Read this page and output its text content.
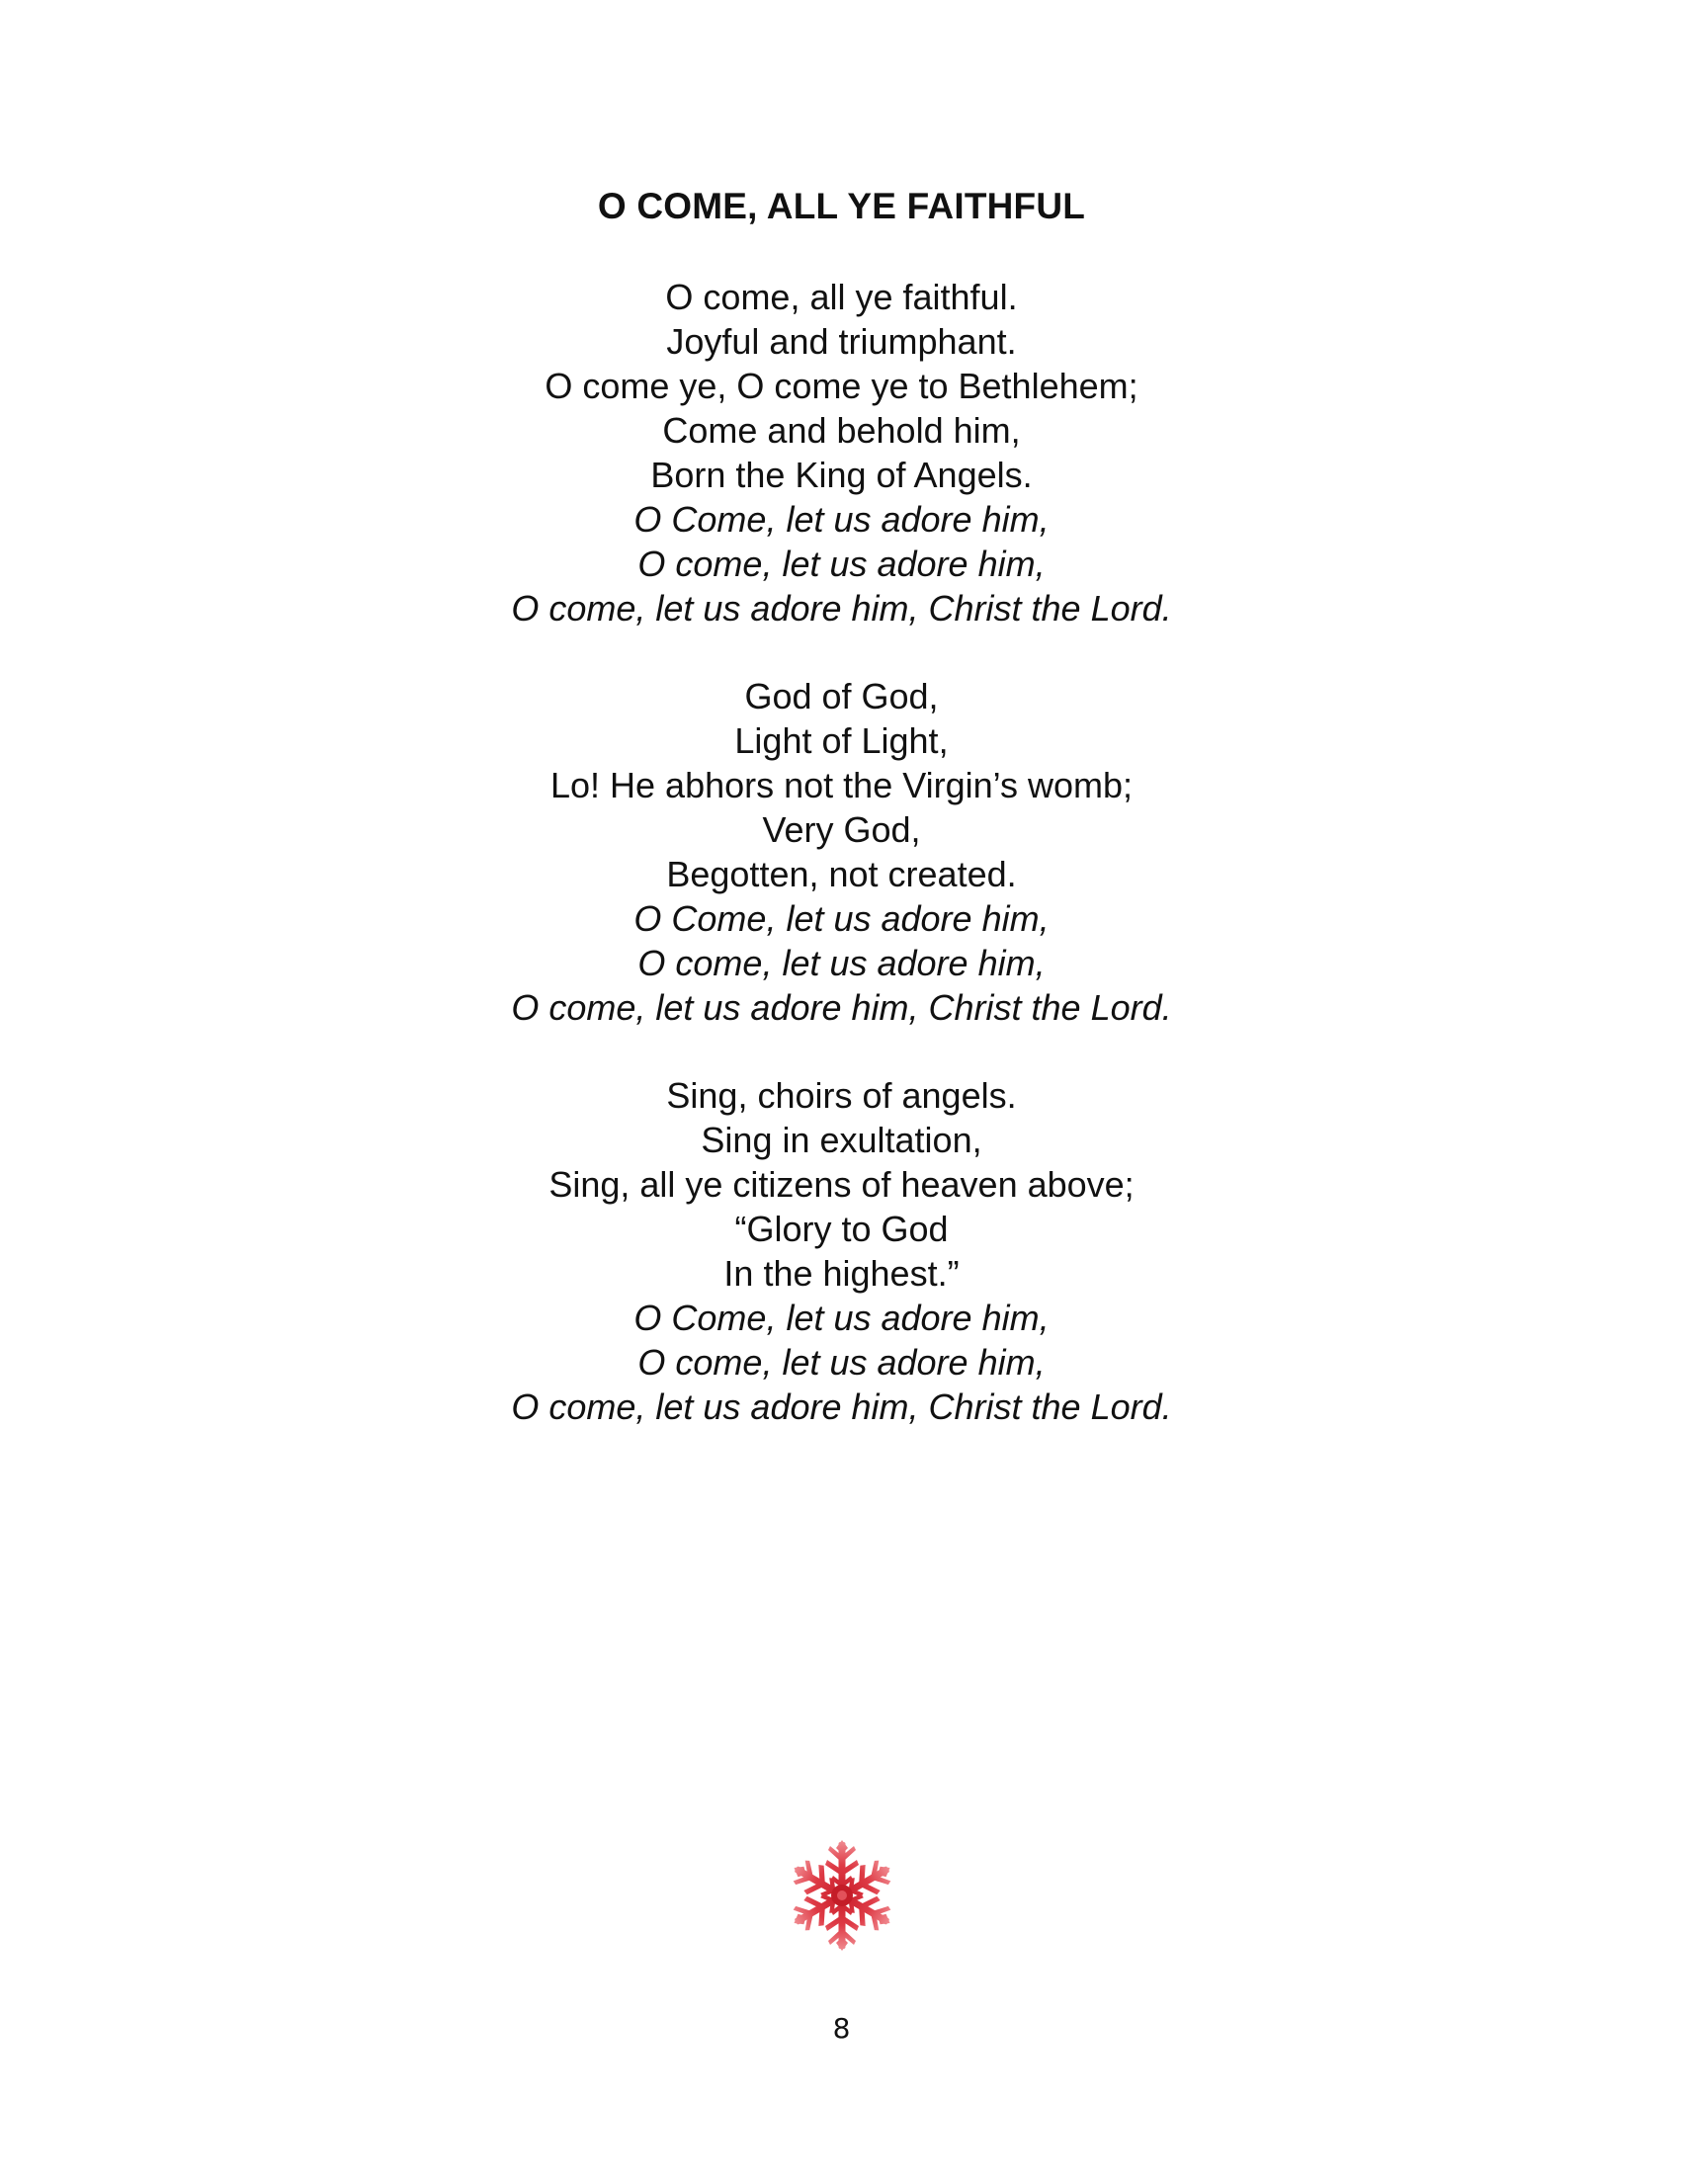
O COME, ALL YE FAITHFUL
O come, all ye faithful.
Joyful and triumphant.
O come ye, O come ye to Bethlehem;
Come and behold him,
Born the King of Angels.
O Come, let us adore him,
O come, let us adore him,
O come, let us adore him, Christ the Lord.
God of God,
Light of Light,
Lo! He abhors not the Virgin’s womb;
Very God,
Begotten, not created.
O Come, let us adore him,
O come, let us adore him,
O come, let us adore him, Christ the Lord.
Sing, choirs of angels.
Sing in exultation,
Sing, all ye citizens of heaven above;
“Glory to God
In the highest.”
O Come, let us adore him,
O come, let us adore him,
O come, let us adore him, Christ the Lord.
8
